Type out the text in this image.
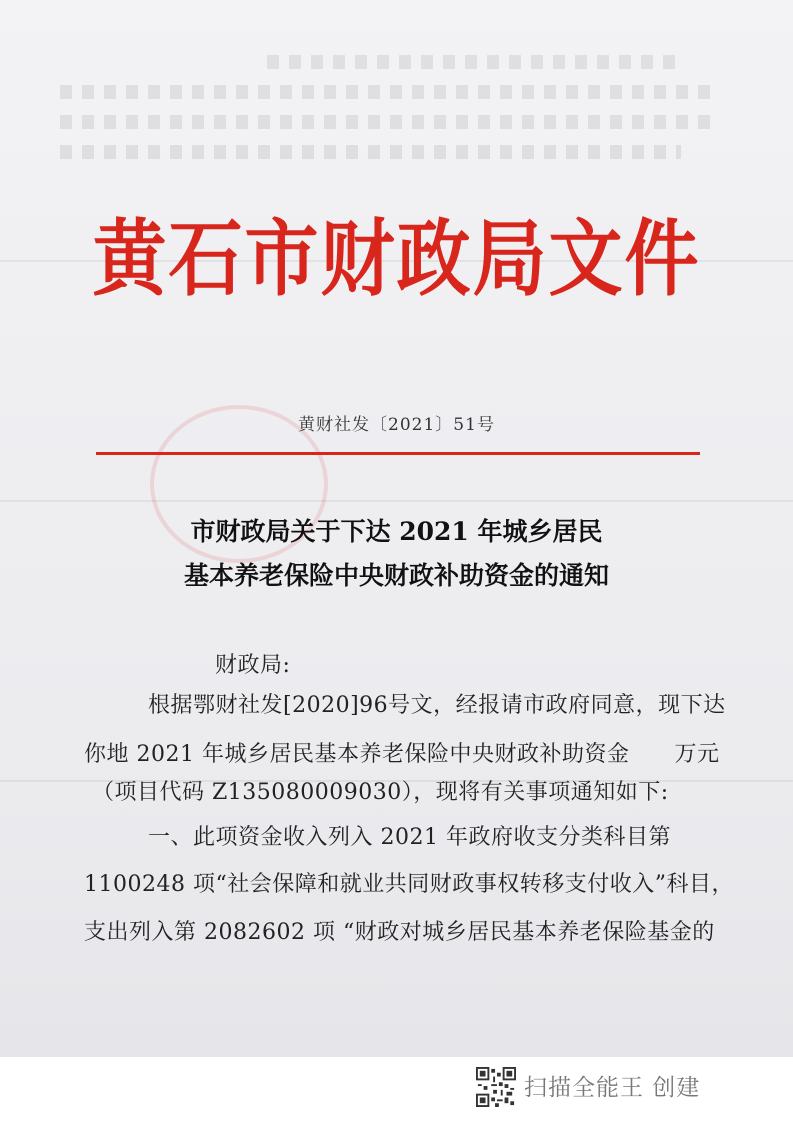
黄石市财政局文件
黄财社发〔2021〕51号
市财政局关于下达 2021 年城乡居民
基本养老保险中央财政补助资金的通知
财政局:
根据鄂财社发[2020]96号文，经报请市政府同意，现下达
你地 2021 年城乡居民基本养老保险中央财政补助资金　　万元
（项目代码 Z135080009030），现将有关事项通知如下:
一、此项资金收入列入 2021 年政府收支分类科目第
1100248 项“社会保障和就业共同财政事权转移支付收入”科目，
支出列入第 2082602 项 “财政对城乡居民基本养老保险基金的
扫描全能王 创建
